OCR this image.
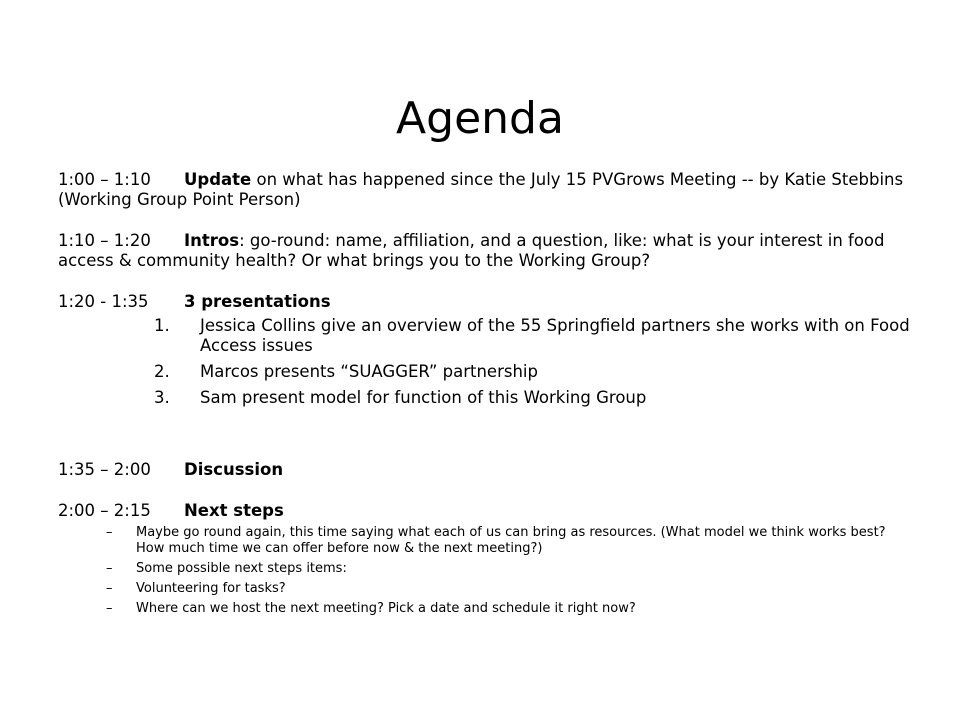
Agenda
1:00 – 1:10 Update on what has happened since the July 15 PVGrows Meeting -- by Katie Stebbins (Working Group Point Person)
1:10 – 1:20 Intros: go-round: name, affiliation, and a question, like: what is your interest in food access & community health? Or what brings you to the Working Group?
1:20 - 1:35 3 presentations
1. Jessica Collins give an overview of the 55 Springfield partners she works with on Food Access issues
2. Marcos presents “SUAGGER” partnership
3. Sam present model for function of this Working Group
1:35 – 2:00 Discussion
2:00 – 2:15 Next steps
– Maybe go round again, this time saying what each of us can bring as resources. (What model we think works best? How much time we can offer before now & the next meeting?)
– Some possible next steps items:
– Volunteering for tasks?
– Where can we host the next meeting? Pick a date and schedule it right now?
